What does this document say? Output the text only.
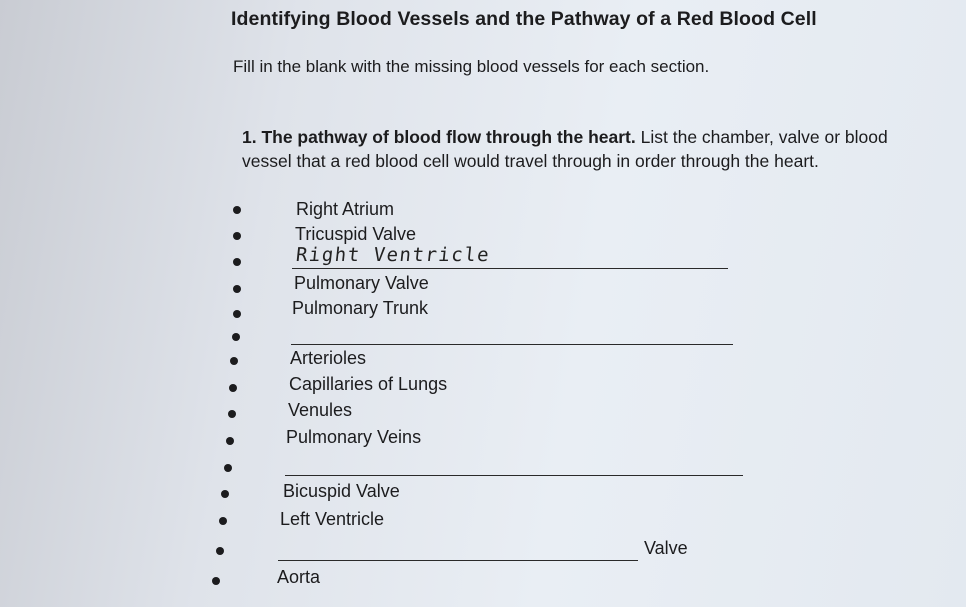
Identifying Blood Vessels and the Pathway of a Red Blood Cell
Fill in the blank with the missing blood vessels for each section.
1. The pathway of blood flow through the heart. List the chamber, valve or blood vessel that a red blood cell would travel through in order through the heart.
Right Atrium
Tricuspid Valve
Right Ventricle
Pulmonary Valve
Pulmonary Trunk
Arterioles
Capillaries of Lungs
Venules
Pulmonary Veins
Bicuspid Valve
Left Ventricle
Valve
Aorta
